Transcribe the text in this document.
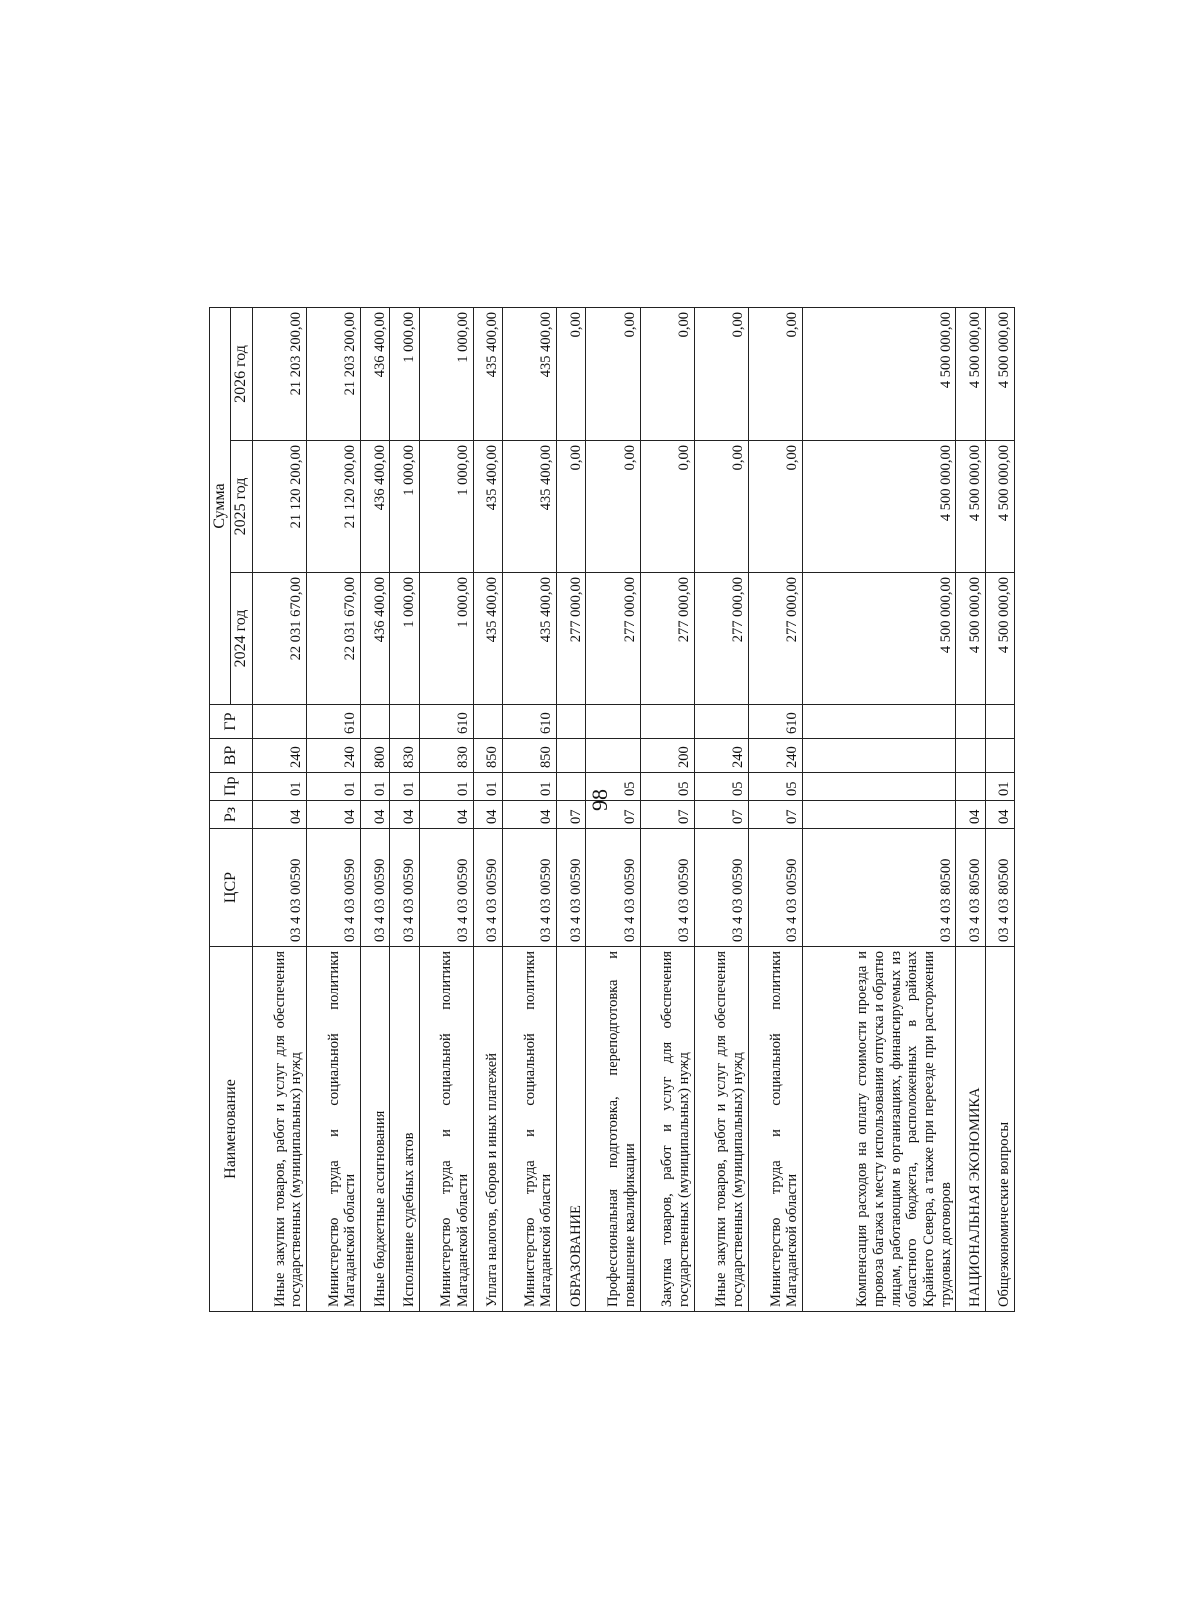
98
Наименование	ЦСР	Рз	Пр	ВР	ГР	Сумма		
						2024 год	2025 год	2026 год
Иные закупки товаров, работ и услуг для обеспечения государственных (муниципальных) нужд	03 4 03 00590	04	01	240		22 031 670,00	21 120 200,00	21 203 200,00
Министерство труда и социальной политики Магаданской области	03 4 03 00590	04	01	240	610	22 031 670,00	21 120 200,00	21 203 200,00
Иные бюджетные ассигнования	03 4 03 00590	04	01	800		436 400,00	436 400,00	436 400,00
Исполнение судебных актов	03 4 03 00590	04	01	830		1 000,00	1 000,00	1 000,00
Министерство труда и социальной политики Магаданской области	03 4 03 00590	04	01	830	610	1 000,00	1 000,00	1 000,00
Уплата налогов, сборов и иных платежей	03 4 03 00590	04	01	850		435 400,00	435 400,00	435 400,00
Министерство труда и социальной политики Магаданской области	03 4 03 00590	04	01	850	610	435 400,00	435 400,00	435 400,00
ОБРАЗОВАНИЕ	03 4 03 00590	07				277 000,00	0,00	0,00
Профессиональная подготовка, переподготовка и повышение квалификации	03 4 03 00590	07	05			277 000,00	0,00	0,00
Закупка товаров, работ и услуг для обеспечения государственных (муниципальных) нужд	03 4 03 00590	07	05	200		277 000,00	0,00	0,00
Иные закупки товаров, работ и услуг для обеспечения государственных (муниципальных) нужд	03 4 03 00590	07	05	240		277 000,00	0,00	0,00
Министерство труда и социальной политики Магаданской области	03 4 03 00590	07	05	240	610	277 000,00	0,00	0,00
Компенсация расходов на оплату стоимости проезда и провоза багажа к месту использования отпуска и обратно лицам, работающим в организациях, финансируемых из областного бюджета, расположенных в районах Крайнего Севера, а также при переезде при расторжении трудовых договоров	03 4 03 80500					4 500 000,00	4 500 000,00	4 500 000,00
НАЦИОНАЛЬНАЯ ЭКОНОМИКА	03 4 03 80500	04				4 500 000,00	4 500 000,00	4 500 000,00
Общеэкономические вопросы	03 4 03 80500	04	01			4 500 000,00	4 500 000,00	4 500 000,00
